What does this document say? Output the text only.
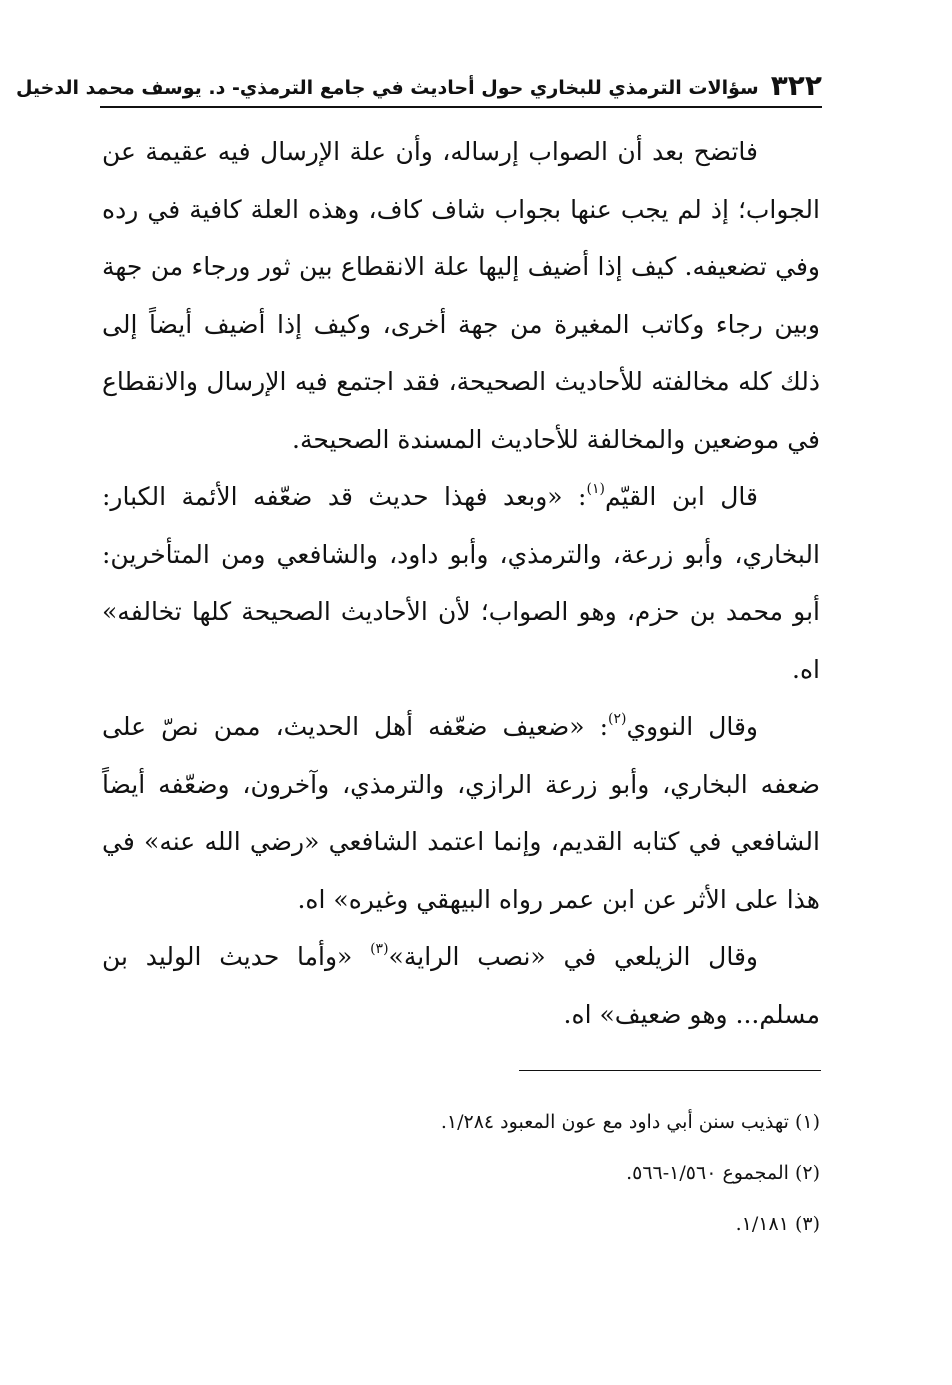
٣٢٢
سؤالات الترمذي للبخاري حول أحاديث في جامع الترمذي- د. يوسف محمد الدخيل

فاتضح بعد أن الصواب إرساله، وأن علة الإرسال فيه عقيمة عن الجواب؛ إذ لم يجب عنها بجواب شاف كاف، وهذه العلة كافية في رده وفي تضعيفه. كيف إذا أضيف إليها علة الانقطاع بين ثور ورجاء من جهة وبين رجاء وكاتب المغيرة من جهة أخرى، وكيف إذا أضيف أيضاً إلى ذلك كله مخالفته للأحاديث الصحيحة، فقد اجتمع فيه الإرسال والانقطاع في موضعين والمخالفة للأحاديث المسندة الصحيحة.

قال ابن القيّم$^{(١)}$: «وبعد فهذا حديث قد ضعّفه الأئمة الكبار: البخاري، وأبو زرعة، والترمذي، وأبو داود، والشافعي ومن المتأخرين: أبو محمد بن حزم، وهو الصواب؛ لأن الأحاديث الصحيحة كلها تخالفه» اه.

وقال النووي$^{(٢)}$: «ضعيف ضعّفه أهل الحديث، ممن نصّ على ضعفه البخاري، وأبو زرعة الرازي، والترمذي، وآخرون، وضعّفه أيضاً الشافعي في كتابه القديم، وإنما اعتمد الشافعي «رضي الله عنه» في هذا على الأثر عن ابن عمر رواه البيهقي وغيره» اه.

وقال الزيلعي في «نصب الراية»$^{(٣)}$ «وأما حديث الوليد بن مسلم... وهو ضعيف» اه.

(١) تهذيب سنن أبي داود مع عون المعبود ١/٢٨٤.
(٢) المجموع ١/٥٦٠-٥٦٦.
(٣) ١/١٨١.
